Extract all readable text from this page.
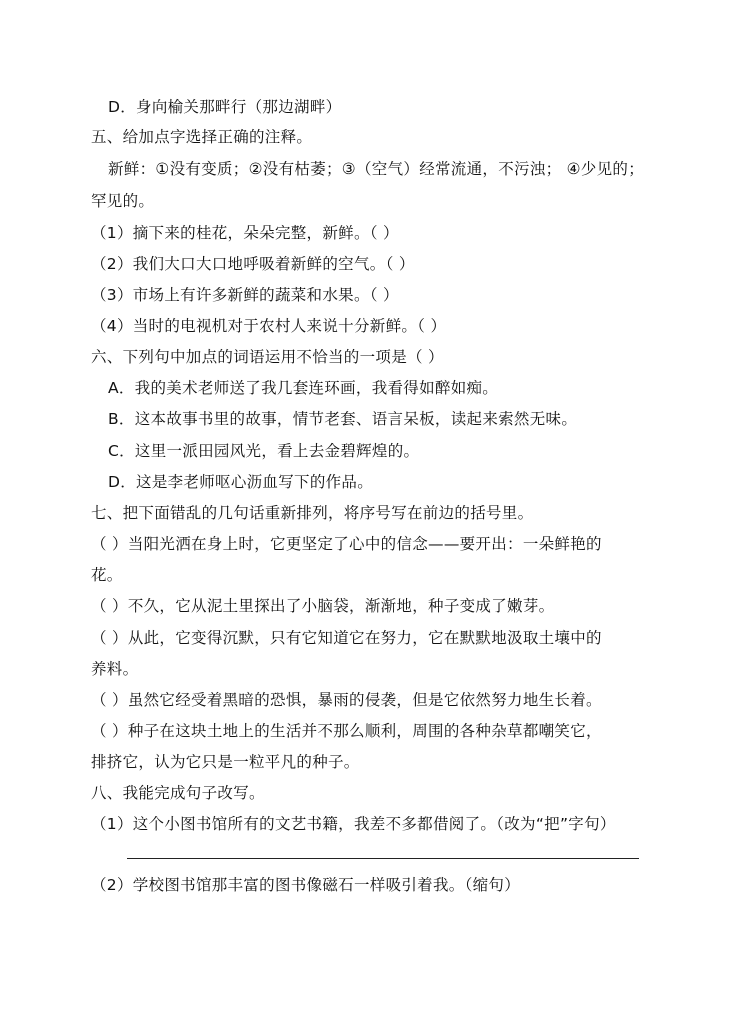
D．身向榆关那畔行（那边湖畔）
五、给加点字选择正确的注释。
新鲜：①没有变质；②没有枯萎；③（空气）经常流通，不污浊； ④少见的；
罕见的。
（1）摘下来的桂花，朵朵完整，新鲜。（ ）
（2）我们大口大口地呼吸着新鲜的空气。（ ）
（3）市场上有许多新鲜的蔬菜和水果。（ ）
（4）当时的电视机对于农村人来说十分新鲜。（ ）
六、下列句中加点的词语运用不恰当的一项是（ ）
A．我的美术老师送了我几套连环画，我看得如醉如痴。
B．这本故事书里的故事，情节老套、语言呆板，读起来索然无味。
C．这里一派田园风光，看上去金碧辉煌的。
D．这是李老师呕心沥血写下的作品。
七、把下面错乱的几句话重新排列，将序号写在前边的括号里。
（ ）当阳光洒在身上时，它更坚定了心中的信念——要开出：一朵鲜艳的
花。
（ ）不久，它从泥土里探出了小脑袋，渐渐地，种子变成了嫩芽。
（ ）从此，它变得沉默，只有它知道它在努力，它在默默地汲取土壤中的
养料。
（ ）虽然它经受着黑暗的恐惧，暴雨的侵袭，但是它依然努力地生长着。
（ ）种子在这块土地上的生活并不那么顺利，周围的各种杂草都嘲笑它，
排挤它，认为它只是一粒平凡的种子。
八、我能完成句子改写。
（1）这个小图书馆所有的文艺书籍，我差不多都借阅了。（改为“把”字句）
（2）学校图书馆那丰富的图书像磁石一样吸引着我。（缩句）
